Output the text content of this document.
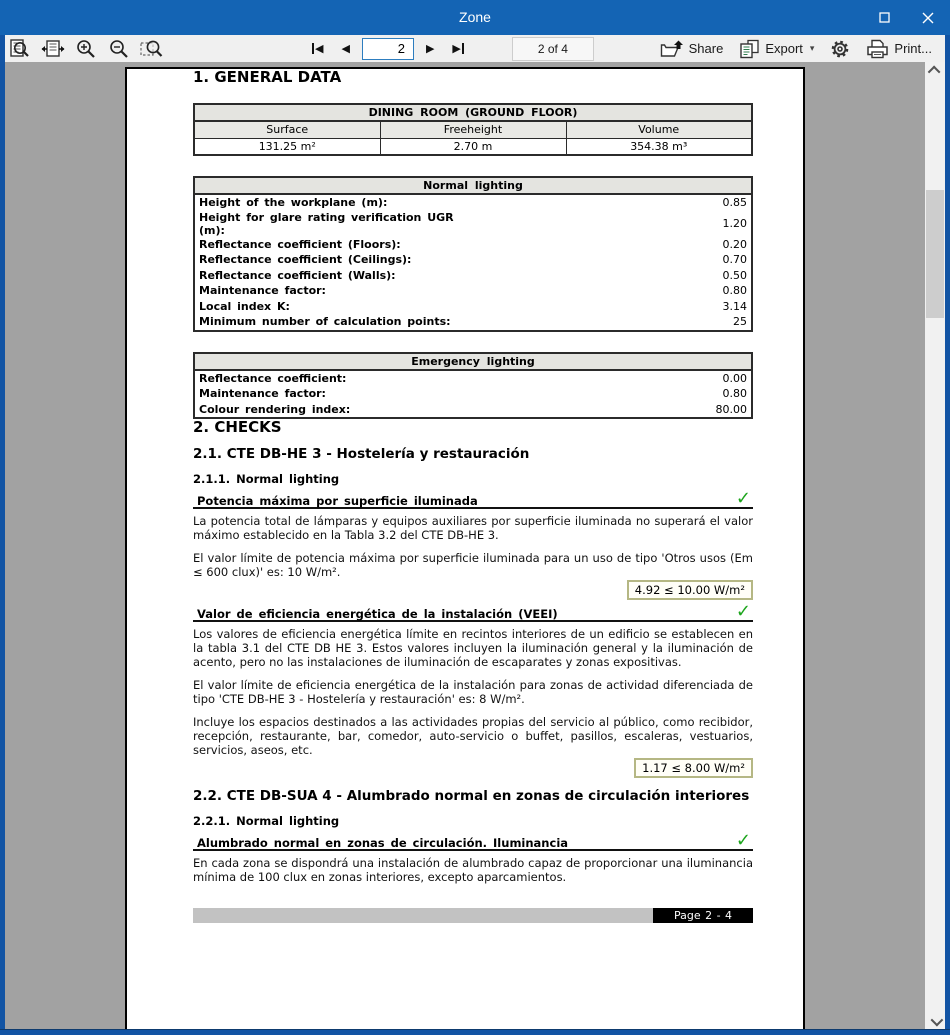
Zone
◀ ◀
2	▶ ▶	2 of 4	Share	Export ▾	Print...
1. GENERAL DATA
DINING ROOM (GROUND FLOOR)		
Surface	Freeheight	Volume
131.25 m²	2.70 m	354.38 m³
Normal lighting	
Height of the workplane (m):	0.85
Height for glare rating verification UGR (m):	1.20
Reflectance coefficient (Floors):	0.20
Reflectance coefficient (Ceilings):	0.70
Reflectance coefficient (Walls):	0.50
Maintenance factor:	0.80
Local index K:	3.14
Minimum number of calculation points:	25
Emergency lighting	
Reflectance coefficient:	0.00
Maintenance factor:	0.80
Colour rendering index:	80.00
2. CHECKS
2.1. CTE DB-HE 3 - Hostelería y restauración
2.1.1. Normal lighting
Potencia máxima por superficie iluminada	✓

La potencia total de lámparas y equipos auxiliares por superficie iluminada no superará el valor máximo establecido en la Tabla 3.2 del CTE DB-HE 3.

El valor límite de potencia máxima por superficie iluminada para un uso de tipo 'Otros usos (Em ≤ 600 clux)' es: 10 W/m².

4.92 ≤ 10.00 W/m²
Valor de eficiencia energética de la instalación (VEEI)	✓

Los valores de eficiencia energética límite en recintos interiores de un edificio se establecen en la tabla 3.1 del CTE DB HE 3. Estos valores incluyen la iluminación general y la iluminación de acento, pero no las instalaciones de iluminación de escaparates y zonas expositivas.

El valor límite de eficiencia energética de la instalación para zonas de actividad diferenciada de tipo 'CTE DB-HE 3 - Hostelería y restauración' es: 8 W/m².

Incluye los espacios destinados a las actividades propias del servicio al público, como recibidor, recepción, restaurante, bar, comedor, auto-servicio o buffet, pasillos, escaleras, vestuarios, servicios, aseos, etc.

1.17 ≤ 8.00 W/m²
2.2. CTE DB-SUA 4 - Alumbrado normal en zonas de circulación interiores
2.2.1. Normal lighting
Alumbrado normal en zonas de circulación. Iluminancia	✓

En cada zona se dispondrá una instalación de alumbrado capaz de proporcionar una iluminancia mínima de 100 clux en zonas interiores, excepto aparcamientos.

Page 2 - 4
